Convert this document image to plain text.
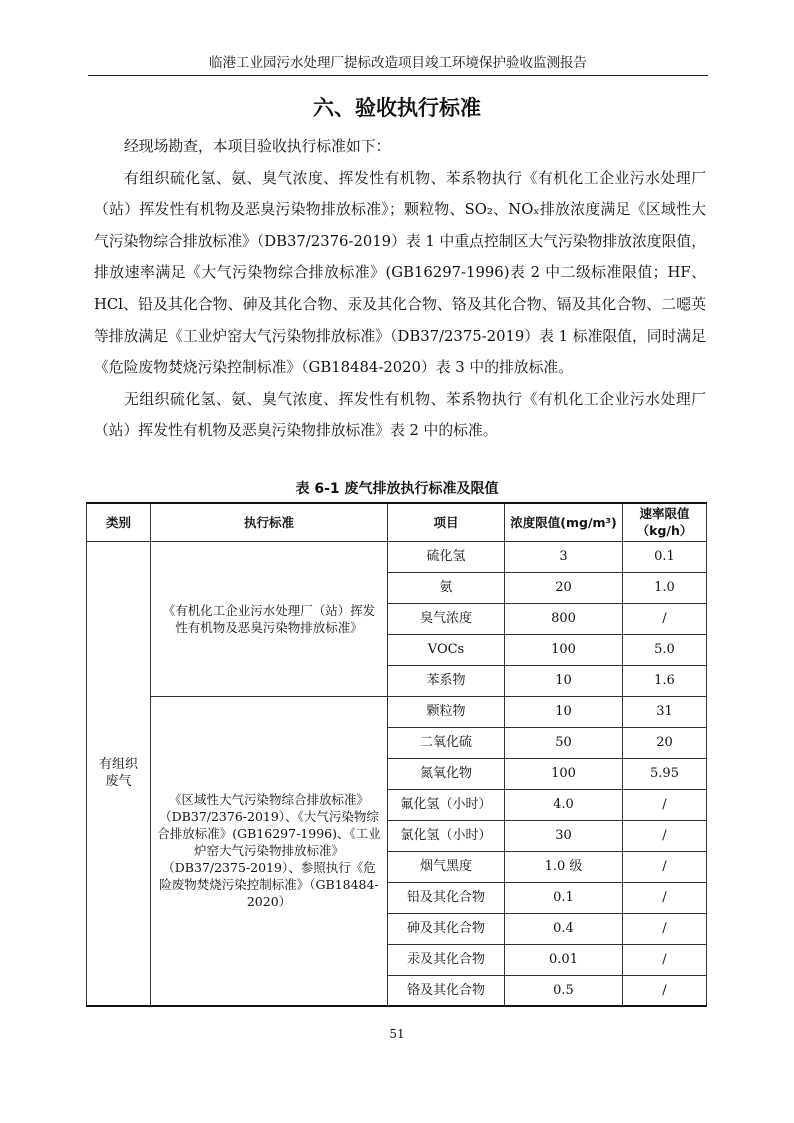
临港工业园污水处理厂提标改造项目竣工环境保护验收监测报告
六、验收执行标准

经现场勘查，本项目验收执行标准如下：

有组织硫化氢、氨、臭气浓度、挥发性有机物、苯系物执行《有机化工企业污水处理厂（站）挥发性有机物及恶臭污染物排放标准》；颗粒物、SO₂、NOₓ排放浓度满足《区域性大气污染物综合排放标准》（DB37/2376-2019）表 1 中重点控制区大气污染物排放浓度限值，排放速率满足《大气污染物综合排放标准》(GB16297-1996)表 2 中二级标准限值；HF、HCl、铅及其化合物、砷及其化合物、汞及其化合物、铬及其化合物、镉及其化合物、二噁英等排放满足《工业炉窑大气污染物排放标准》（DB37/2375-2019）表 1 标准限值，同时满足《危险废物焚烧污染控制标准》（GB18484-2020）表 3 中的排放标准。

无组织硫化氢、氨、臭气浓度、挥发性有机物、苯系物执行《有机化工企业污水处理厂（站）挥发性有机物及恶臭污染物排放标准》表 2 中的标准。

表 6-1 废气排放执行标准及限值
类别	执行标准	项目	浓度限值(mg/m³)	速率限值（kg/h）
有组织废气	《有机化工企业污水处理厂（站）挥发性有机物及恶臭污染物排放标准》	硫化氢	3	0.1
		氨	20	1.0
		臭气浓度	800	/
		VOCs	100	5.0
		苯系物	10	1.6
	《区域性大气污染物综合排放标准》（DB37/2376-2019）、《大气污染物综合排放标准》(GB16297-1996)、《工业炉窑大气污染物排放标准》（DB37/2375-2019）、参照执行《危险废物焚烧污染控制标准》（GB18484-2020）	颗粒物	10	31
		二氧化硫	50	20
		氮氧化物	100	5.95
		氟化氢（小时）	4.0	/
		氯化氢（小时）	30	/
		烟气黑度	1.0 级	/
		铅及其化合物	0.1	/
		砷及其化合物	0.4	/
		汞及其化合物	0.01	/
		铬及其化合物	0.5	/
51
